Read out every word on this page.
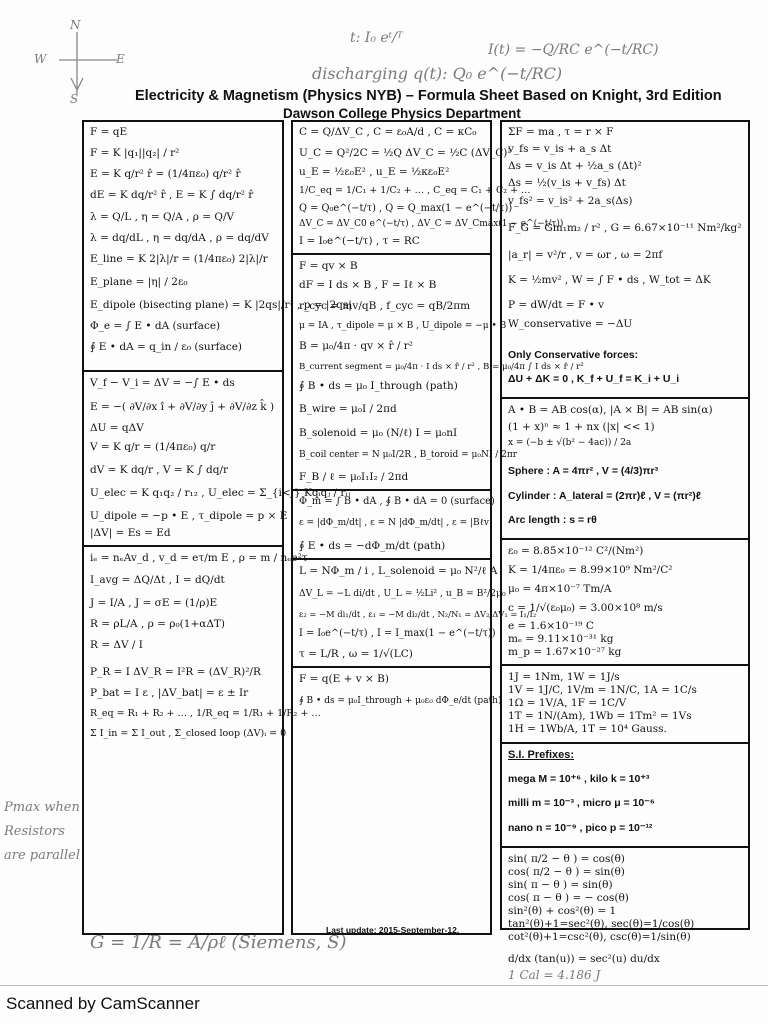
N
W	E
S
t: I₀ eᵗ/ᵀ
I(t) = −Q/RC e^(−t/RC)
discharging q(t): Q₀ e^(−t/RC)
Electricity & Magnetism (Physics NYB) – Formula Sheet Based on Knight, 3rd Edition
Dawson College Physics Department
Pmax when
Resistors
are parallel

F = qE

F = K |q₁||q₂| / r²

E = K q/r² r̂ = (1/4πε₀) q/r² r̂

dE = K dq/r² r̂ , E = K ∫ dq/r² r̂

λ = Q/L , η = Q/A , ρ = Q/V

λ = dq/dL , η = dq/dA , ρ = dq/dV

E_line = K 2|λ|/r = (1/4πε₀) 2|λ|/r

E_plane = |η| / 2ε₀

E_dipole (bisecting plane) = K |2qs|/r³ , p = |2qs|

Φ_e = ∫ E • dA (surface)

∮ E • dA = q_in / ε₀ (surface)

V_f − V_i = ΔV = −∫ E • ds

E = −( ∂V/∂x î + ∂V/∂y ĵ + ∂V/∂z k̂ )

ΔU = qΔV

V = K q/r = (1/4πε₀) q/r

dV = K dq/r , V = K ∫ dq/r

U_elec = K q₁q₂ / r₁₂ , U_elec = Σ_{i<j} Kqᵢqⱼ / rᵢⱼ

U_dipole = −p • E , τ_dipole = p × E

|ΔV| = Es = Ed

iₑ = nₑAv_d , v_d = eτ/m E , ρ = m / nₑe²τ

I_avg = ΔQ/Δt , I = dQ/dt

J = I/A , J = σE = (1/ρ)E

R = ρL/A , ρ = ρ₀(1+αΔT)

R = ΔV / I

P_R = I ΔV_R = I²R = (ΔV_R)²/R

P_bat = I ε , |ΔV_bat| = ε ± Ir

R_eq = R₁ + R₂ + … , 1/R_eq = 1/R₁ + 1/R₂ + …

Σ I_in = Σ I_out , Σ_closed loop (ΔV)ᵢ = 0

C = Q/ΔV_C , C = ε₀A/d , C = κC₀

U_C = Q²/2C = ½Q ΔV_C = ½C (ΔV_C)²

u_E = ½ε₀E² , u_E = ½κε₀E²

1/C_eq = 1/C₁ + 1/C₂ + … , C_eq = C₁ + C₂ + …

Q = Q₀e^(−t/τ) , Q = Q_max(1 − e^(−t/τ))

ΔV_C = ΔV_C0 e^(−t/τ) , ΔV_C = ΔV_Cmax(1 − e^(−t/τ))

I = I₀e^(−t/τ) , τ = RC

F = qv × B

dF = I ds × B , F = Iℓ × B

r_cyc = mv/qB , f_cyc = qB/2πm

μ = IA , τ_dipole = μ × B , U_dipole = −μ • B

B = μ₀/4π · qv × r̂ / r²

B_current segment = μ₀/4π · I ds × r̂ / r² , B = μ₀/4π ∫ I ds × r̂ / r²

∮ B • ds = μ₀ I_through (path)

B_wire = μ₀I / 2πd

B_solenoid = μ₀ (N/ℓ) I = μ₀nI

B_coil center = N μ₀I/2R , B_toroid = μ₀NI / 2πr

F_B / ℓ = μ₀I₁I₂ / 2πd

Φ_m = ∫ B • dA , ∮ B • dA = 0 (surface)

ε = |dΦ_m/dt| , ε = N |dΦ_m/dt| , ε = |Bℓv|

∮ E • ds = −dΦ_m/dt (path)

L = NΦ_m / i , L_solenoid = μ₀ N²/ℓ A

ΔV_L = −L di/dt , U_L = ½Li² , u_B = B²/2μ₀

ε₂ = −M di₁/dt , ε₁ = −M di₂/dt , N₂/N₁ = ΔV₂/ΔV₁ = I₁/I₂

I = I₀e^(−t/τ) , I = I_max(1 − e^(−t/τ))

τ = L/R , ω = 1/√(LC)

F = q(E + v × B)

∮ B • ds = μ₀I_through + μ₀ε₀ dΦ_e/dt (path)

ΣF = ma , τ = r × F

v_fs = v_is + a_s Δt

Δs = v_is Δt + ½a_s (Δt)²

Δs = ½(v_is + v_fs) Δt

v_fs² = v_is² + 2a_s(Δs)

F_G = Gm₁m₂ / r² , G = 6.67×10⁻¹¹ Nm²/kg²

|a_r| = v²/r , v = ωr , ω = 2πf

K = ½mv² , W = ∫ F • ds , W_tot = ΔK

P = dW/dt = F • v

W_conservative = −ΔU

Only Conservative forces:

ΔU + ΔK = 0 , K_f + U_f = K_i + U_i

A • B = AB cos(α), |A × B| = AB sin(α)

(1 + x)ⁿ ≈ 1 + nx (|x| << 1)

x = (−b ± √(b² − 4ac)) / 2a

Sphere : A = 4πr² , V = (4/3)πr³

Cylinder : A_lateral = (2πr)ℓ , V = (πr²)ℓ

Arc length : s = rθ

ε₀ = 8.85×10⁻¹² C²/(Nm²)

K = 1/4πε₀ = 8.99×10⁹ Nm²/C²

μ₀ = 4π×10⁻⁷ Tm/A

c = 1/√(ε₀μ₀) = 3.00×10⁸ m/s

e = 1.6×10⁻¹⁹ C

mₑ = 9.11×10⁻³¹ kg

m_p = 1.67×10⁻²⁷ kg

1J = 1Nm, 1W = 1J/s

1V = 1J/C, 1V/m = 1N/C, 1A = 1C/s

1Ω = 1V/A, 1F = 1C/V

1T = 1N/(Am), 1Wb = 1Tm² = 1Vs

1H = 1Wb/A, 1T = 10⁴ Gauss.

S.I. Prefixes:

mega M = 10⁺⁶ , kilo k = 10⁺³

milli m = 10⁻³ , micro μ = 10⁻⁶

nano n = 10⁻⁹ , pico p = 10⁻¹²

sin( π/2 − θ ) = cos(θ)

cos( π/2 − θ ) = sin(θ)

sin( π − θ ) = sin(θ)

cos( π − θ ) = − cos(θ)

sin²(θ) + cos²(θ) = 1

tan²(θ)+1=sec²(θ), sec(θ)=1/cos(θ)

cot²(θ)+1=csc²(θ), csc(θ)=1/sin(θ)

d/dx (tan(u)) = sec²(u) du/dx

1 Cal = 4.186 J

Last update: 2015-September-12.
G = 1/R = A/ρℓ (Siemens, S)
Scanned by CamScanner
